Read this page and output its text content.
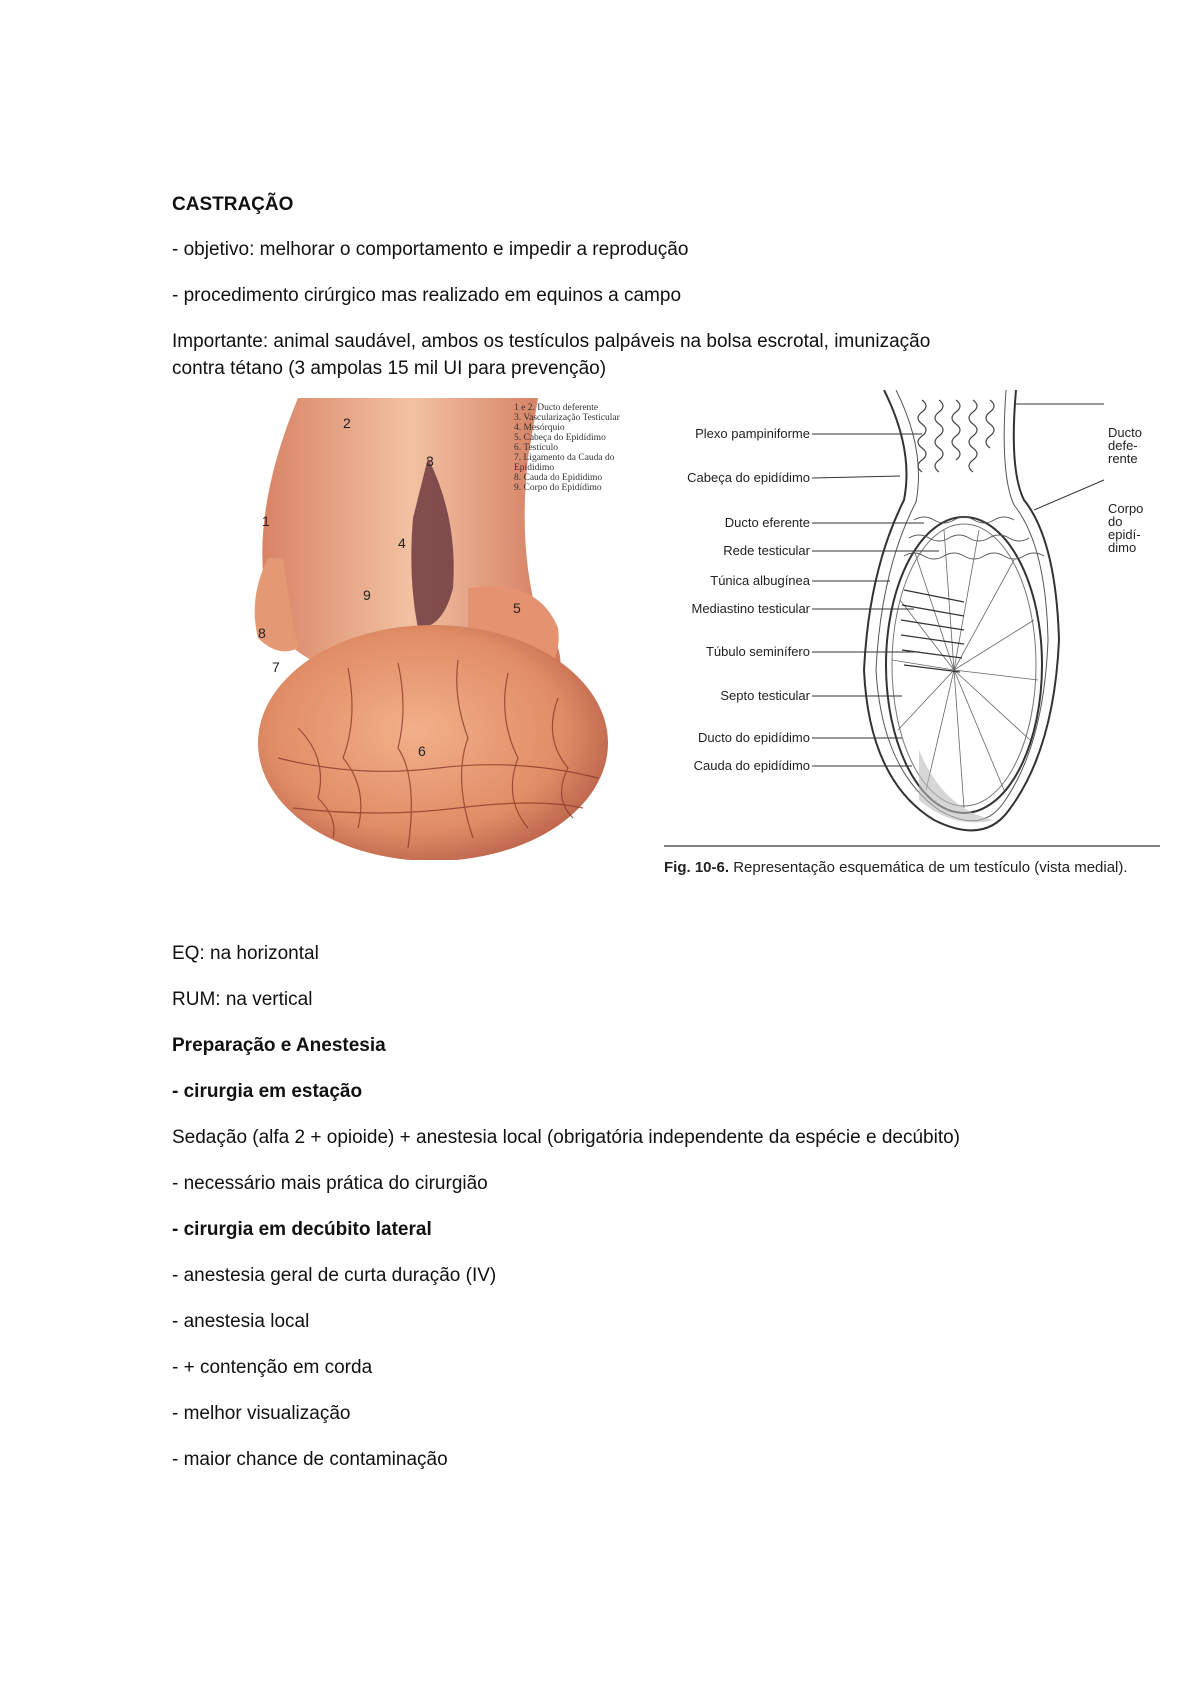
CASTRAÇÃO
- objetivo: melhorar o comportamento e impedir a reprodução
- procedimento cirúrgico mas realizado em equinos a campo
Importante: animal saudável, ambos os testículos palpáveis na bolsa escrotal, imunização
contra tétano (3 ampolas 15 mil UI para prevenção)
2
3
1
4
9
5
8
7
6
1 e 2. Ducto deferente
3. Vascularização Testicular
4. Mesórquio
5. Cabeça do Epidídimo
6. Testículo
7. Ligamento da Cauda do Epidídimo
8. Cauda do Epidídimo
9. Corpo do Epidídimo
Plexo pampiniforme
Cabeça do epidídimo
Ducto eferente
Rede testicular
Túnica albugínea
Mediastino testicular
Túbulo seminífero
Septo testicular
Ducto do epidídimo
Cauda do epidídimo
Ducto
defe-
rente
Corpo
do
epidí-
dimo
Fig. 10-6. Representação esquemática de um testículo (vista medial).
EQ: na horizontal
RUM: na vertical
Preparação e Anestesia
- cirurgia em estação
Sedação (alfa 2 + opioide) + anestesia local (obrigatória independente da espécie e decúbito)
- necessário mais prática do cirurgião
- cirurgia em decúbito lateral
- anestesia geral de curta duração (IV)
- anestesia local
- + contenção em corda
- melhor visualização
- maior chance de contaminação
